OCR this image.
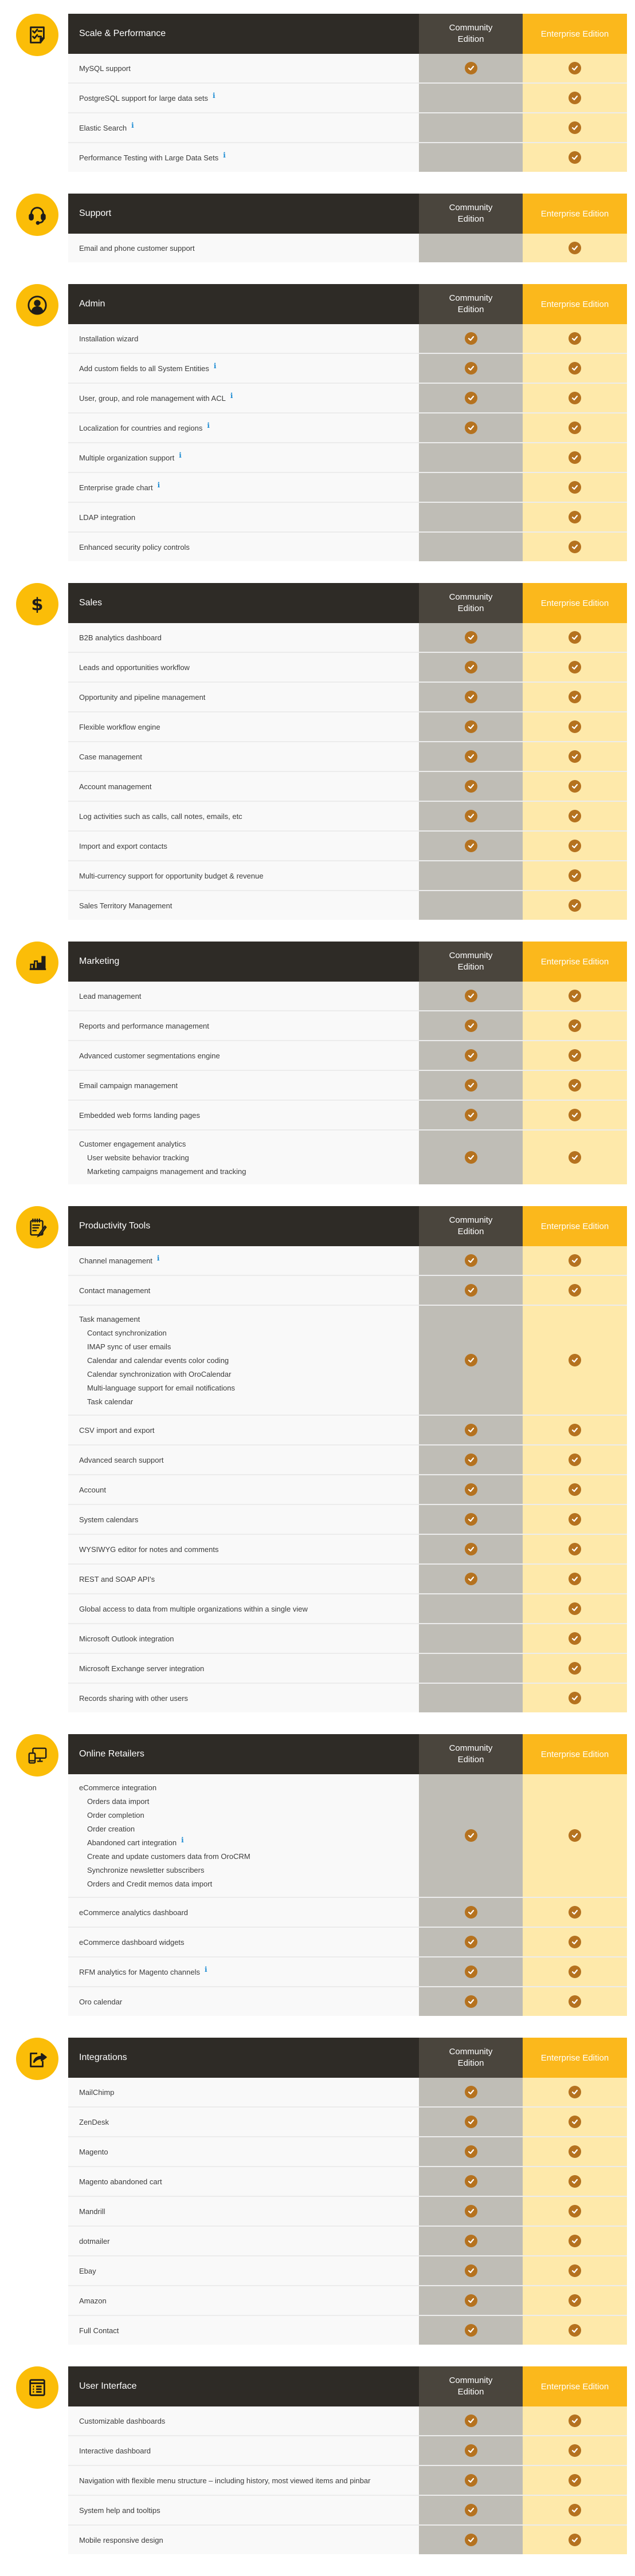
Scale & Performance
Community Edition
Enterprise Edition
MySQL support
PostgreSQL support for large data sets i
Elastic Search i
Performance Testing with Large Data Sets i
Support
Community Edition
Enterprise Edition
Email and phone customer support
Admin
Community Edition
Enterprise Edition
Installation wizard
Add custom fields to all System Entities i
User, group, and role management with ACL i
Localization for countries and regions i
Multiple organization support i
Enterprise grade chart i
LDAP integration
Enhanced security policy controls
$	Sales
Community Edition
Enterprise Edition
B2B analytics dashboard
Leads and opportunities workflow
Opportunity and pipeline management
Flexible workflow engine
Case management
Account management
Log activities such as calls, call notes, emails, etc
Import and export contacts
Multi-currency support for opportunity budget & revenue
Sales Territory Management
Marketing
Community Edition
Enterprise Edition
Lead management
Reports and performance management
Advanced customer segmentations engine
Email campaign management
Embedded web forms landing pages
Customer engagement analytics
User website behavior tracking
Marketing campaigns management and tracking
Productivity Tools
Community Edition
Enterprise Edition
Channel management i
Contact management
Task management
Contact synchronization
IMAP sync of user emails
Calendar and calendar events color coding
Calendar synchronization with OroCalendar
Multi-language support for email notifications
Task calendar
CSV import and export
Advanced search support
Account
System calendars
WYSIWYG editor for notes and comments
REST and SOAP API's
Global access to data from multiple organizations within a single view
Microsoft Outlook integration
Microsoft Exchange server integration
Records sharing with other users
Online Retailers
Community Edition
Enterprise Edition
eCommerce integration
Orders data import
Order completion
Order creation
Abandoned cart integration i
Create and update customers data from OroCRM
Synchronize newsletter subscribers
Orders and Credit memos data import
eCommerce analytics dashboard
eCommerce dashboard widgets
RFM analytics for Magento channels i
Oro calendar
Integrations
Community Edition
Enterprise Edition
MailChimp
ZenDesk
Magento
Magento abandoned cart
Mandrill
dotmailer
Ebay
Amazon
Full Contact
User Interface
Community Edition
Enterprise Edition
Customizable dashboards
Interactive dashboard
Navigation with flexible menu structure – including history, most viewed items and pinbar
System help and tooltips
Mobile responsive design
